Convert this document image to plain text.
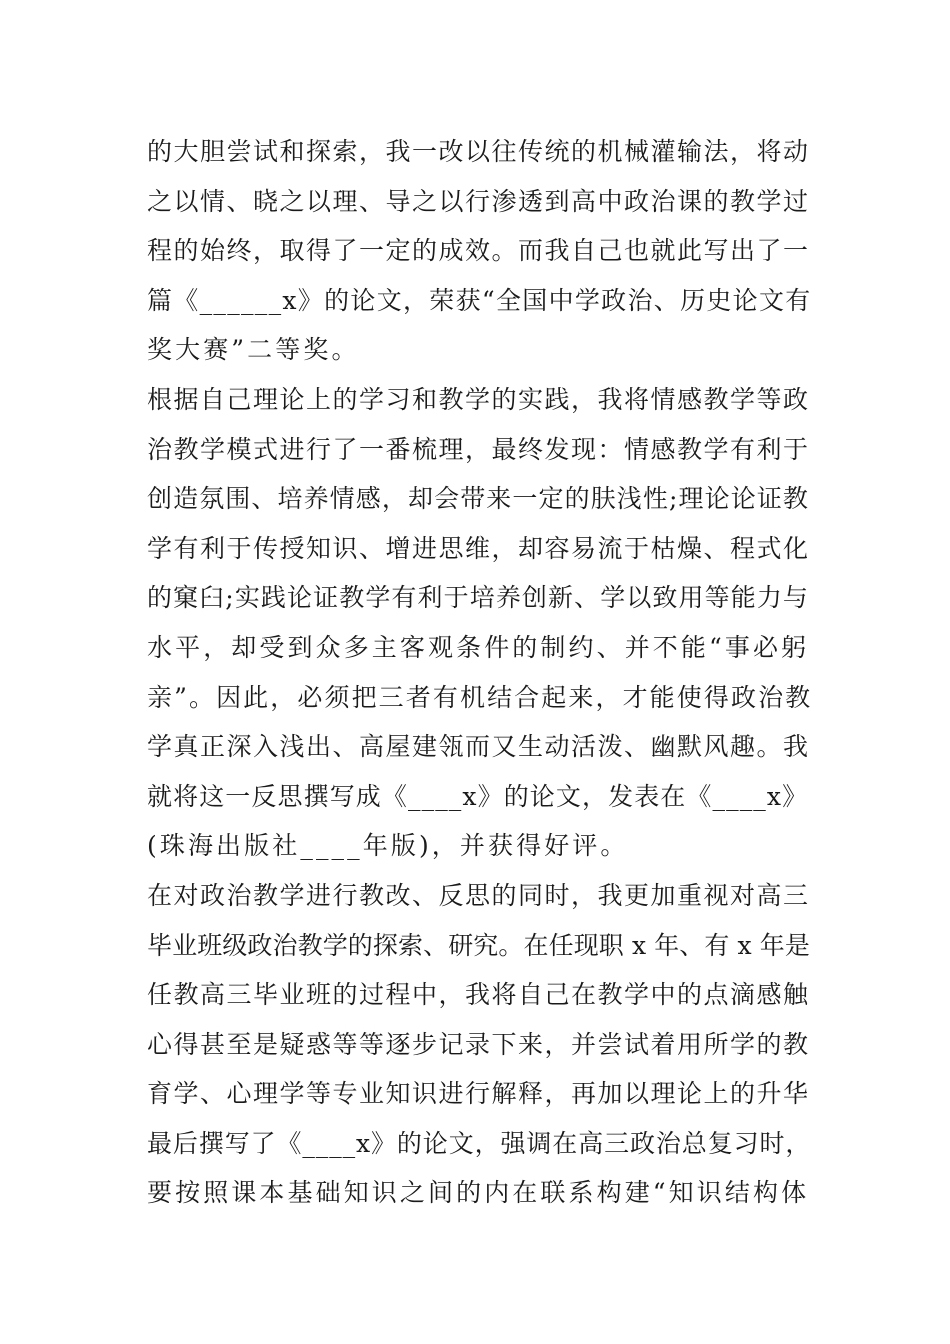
的大胆尝试和探索，我一改以往传统的机械灌输法，将动
之以情、晓之以理、导之以行渗透到高中政治课的教学过
程的始终，取得了一定的成效。而我自己也就此写出了一
篇《______x》的论文，荣获“全国中学政治、历史论文有
奖大赛”二等奖。
根据自己理论上的学习和教学的实践，我将情感教学等政
治教学模式进行了一番梳理，最终发现：情感教学有利于
创造氛围、培养情感，却会带来一定的肤浅性;理论论证教
学有利于传授知识、增进思维，却容易流于枯燥、程式化
的窠臼;实践论证教学有利于培养创新、学以致用等能力与
水平，却受到众多主客观条件的制约、并不能“事必躬
亲”。因此，必须把三者有机结合起来，才能使得政治教
学真正深入浅出、高屋建瓴而又生动活泼、幽默风趣。我
就将这一反思撰写成《____x》的论文，发表在《____x》
(珠海出版社____年版)，并获得好评。
在对政治教学进行教改、反思的同时，我更加重视对高三
毕业班级政治教学的探索、研究。在任现职 x 年、有 x 年是
任教高三毕业班的过程中，我将自己在教学中的点滴感触
心得甚至是疑惑等等逐步记录下来，并尝试着用所学的教
育学、心理学等专业知识进行解释，再加以理论上的升华
最后撰写了《____x》的论文，强调在高三政治总复习时，
要按照课本基础知识之间的内在联系构建“知识结构体
